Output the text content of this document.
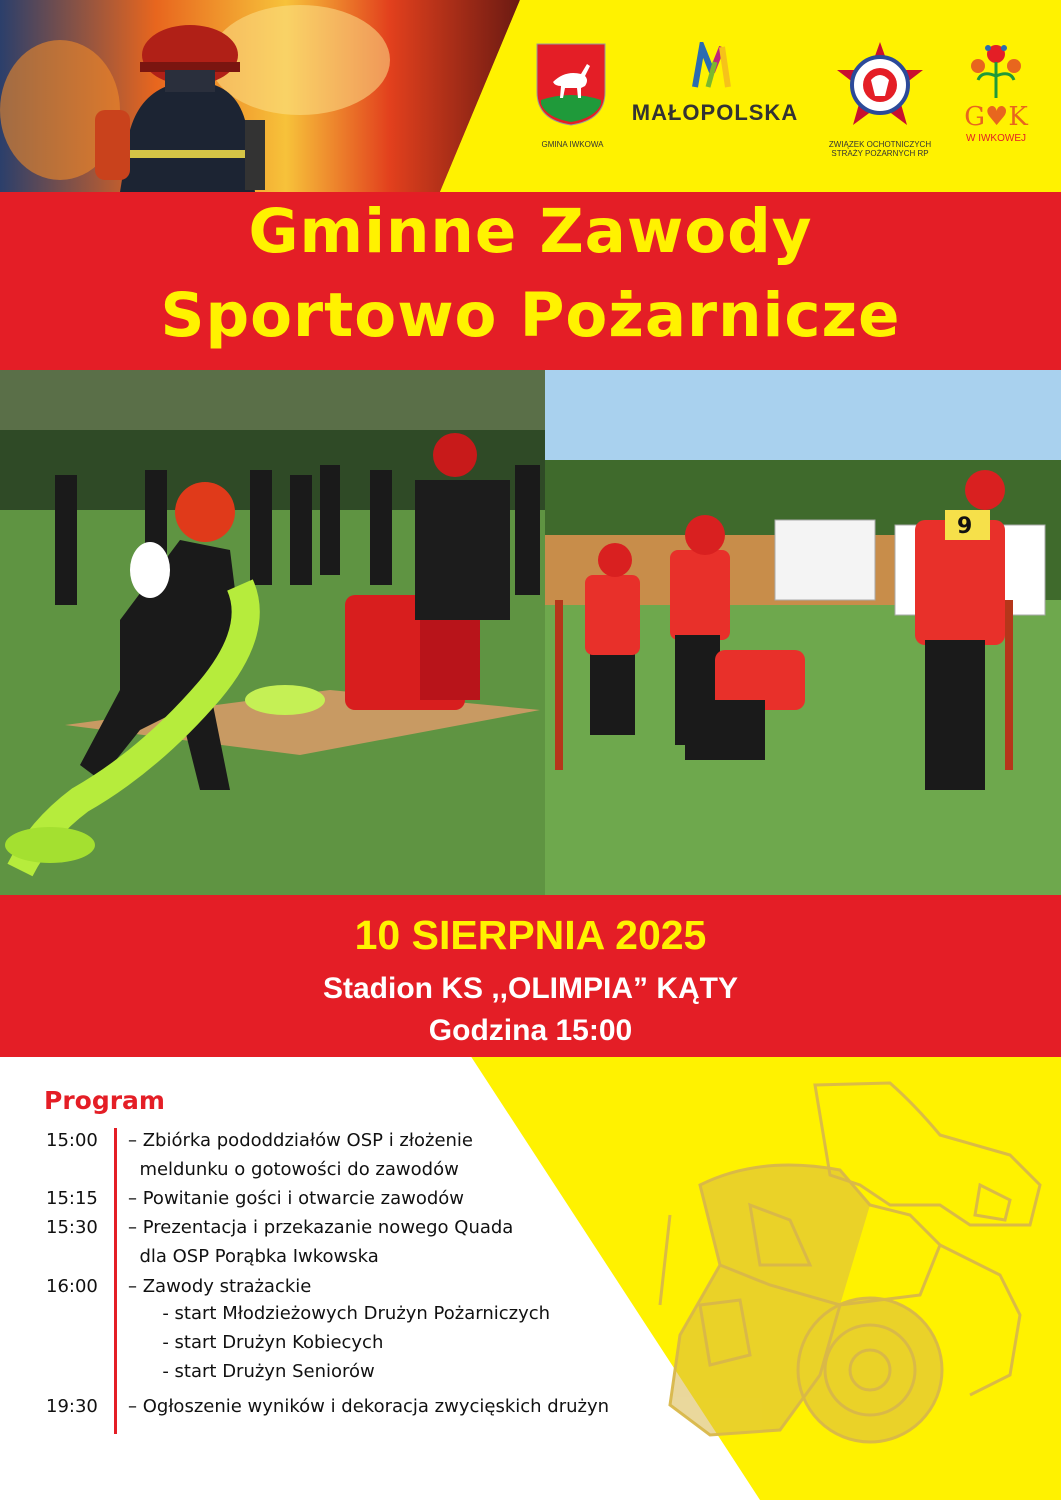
GMINA IWKOWA
MAŁOPOLSKA
ZWIĄZEK OCHOTNICZYCH
STRAŻY POŻARNYCH RP
G♥K
W IWKOWEJ
Gminne Zawody
Sportowo Pożarnicze
9
10 SIERPNIA 2025
Stadion KS ,,OLIMPIA” KĄTY
Godzina 15:00
Program
15:00 – Zbiórka pododdziałów OSP i złożenie
meldunku o gotowości do zawodów
15:15 – Powitanie gości i otwarcie zawodów
15:30 – Prezentacja i przekazanie nowego Quada
dla OSP Porąbka Iwkowska
16:00 – Zawody strażackie
- start Młodzieżowych Drużyn Pożarniczych
- start Drużyn Kobiecych
- start Drużyn Seniorów
19:30 – Ogłoszenie wyników i dekoracja zwycięskich drużyn
